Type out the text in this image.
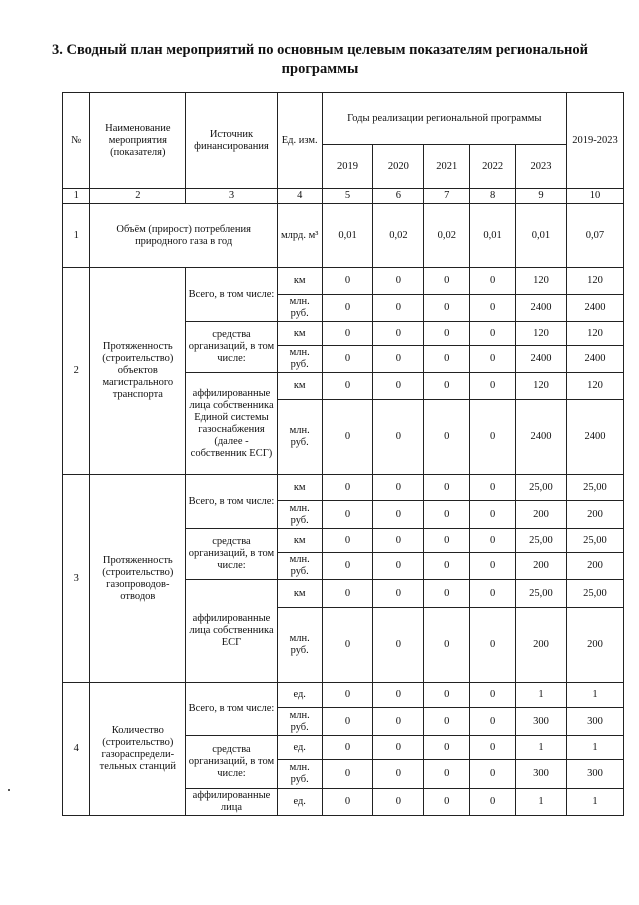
3. Сводный план мероприятий по основным целевым показателям региональной программы
№	Наименование мероприятия (показателя)	Источник финансирования	Ед. изм.	Годы реализации региональной программы					2019-2023
				2019	2020	2021	2022	2023	
1	2	3	4	5	6	7	8	9	10
1	Объём (прирост) потребления природного газа в год		млрд. м³	0,01	0,02	0,02	0,01	0,01	0,07
2	Протяженность (строительство) объектов магистрального транспорта	Всего, в том числе:	км	0	0	0	0	120	120
			млн. руб.	0	0	0	0	2400	2400
		средства организаций, в том числе:	км	0	0	0	0	120	120
			млн. руб.	0	0	0	0	2400	2400
		аффилированные лица собственника Единой системы газоснабжения (далее - собственник ЕСГ)	км	0	0	0	0	120	120
			млн. руб.	0	0	0	0	2400	2400
3	Протяженность (строительство) газопроводов-отводов	Всего, в том числе:	км	0	0	0	0	25,00	25,00
			млн. руб.	0	0	0	0	200	200
		средства организаций, в том числе:	км	0	0	0	0	25,00	25,00
			млн. руб.	0	0	0	0	200	200
		аффилированные лица собственника ЕСГ	км	0	0	0	0	25,00	25,00
			млн. руб.	0	0	0	0	200	200
4	Количество (строительство) газораспредели-тельных станций	Всего, в том числе:	ед.	0	0	0	0	1	1
			млн. руб.	0	0	0	0	300	300
		средства организаций, в том числе:	ед.	0	0	0	0	1	1
			млн. руб.	0	0	0	0	300	300
		аффилированные лица	ед.	0	0	0	0	1	1
